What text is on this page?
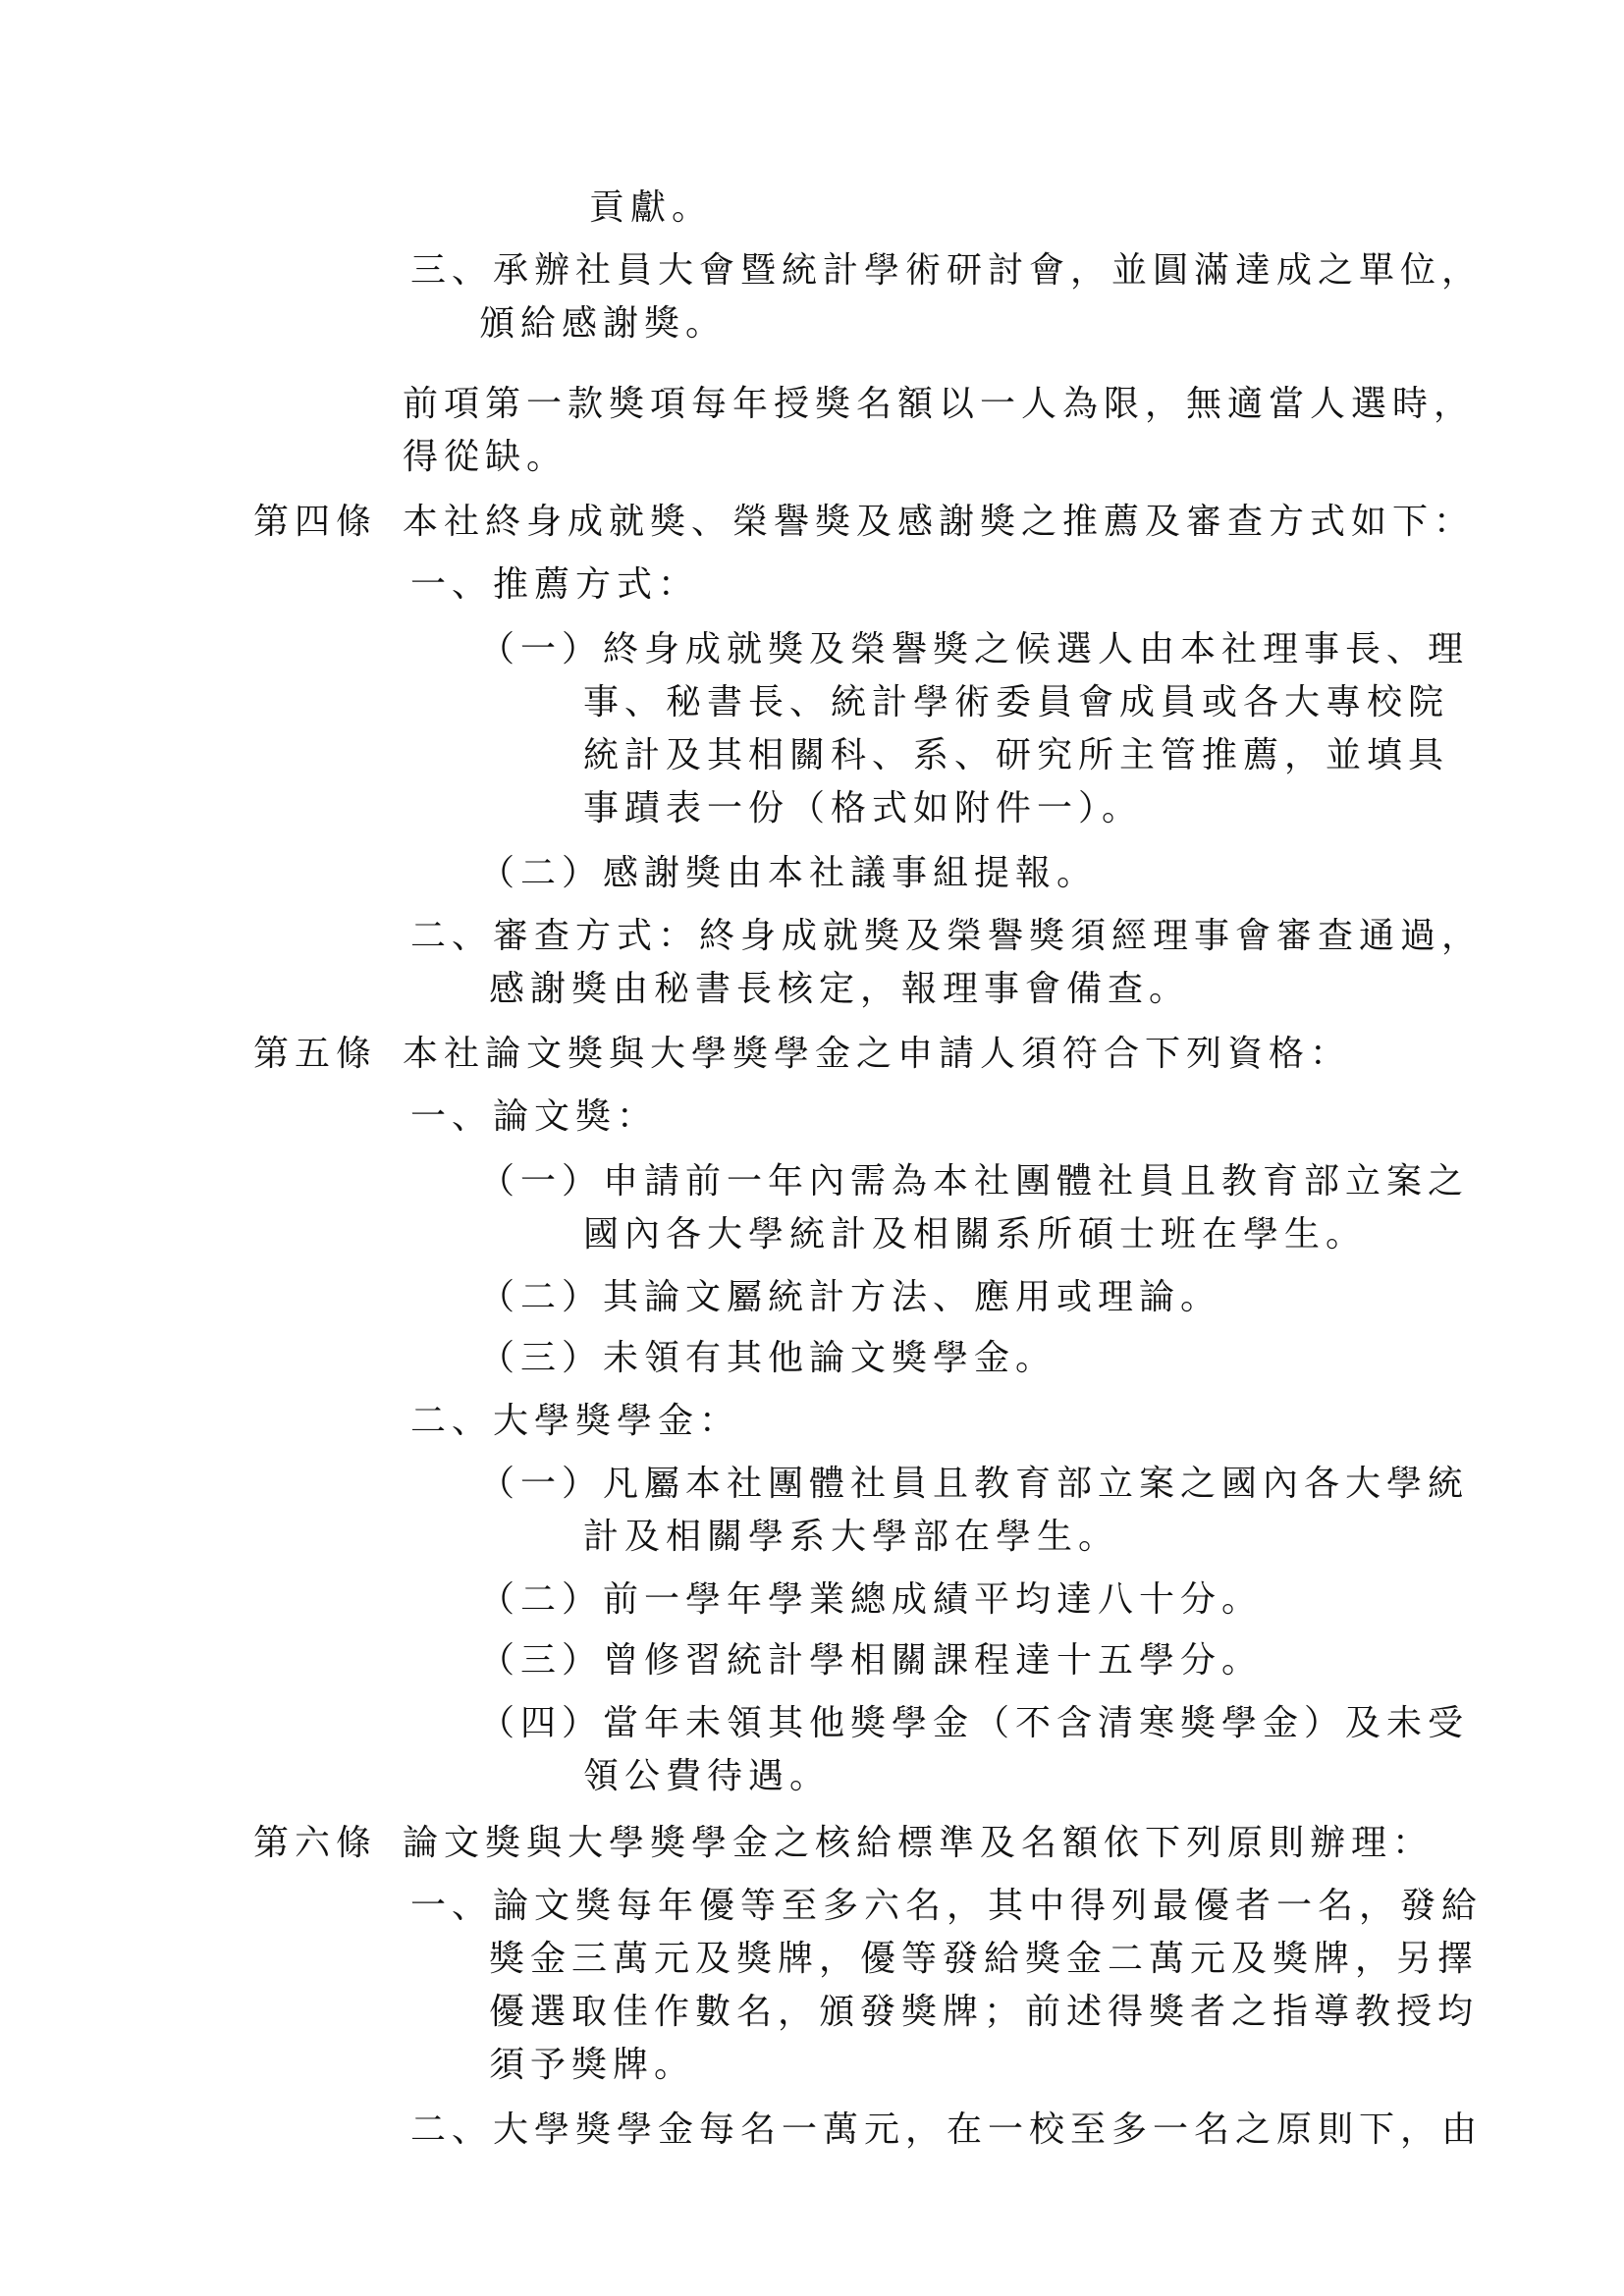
貢獻。
三、承辦社員大會暨統計學術研討會，並圓滿達成之單位，
頒給感謝獎。
前項第一款獎項每年授獎名額以一人為限，無適當人選時，
得從缺。
第四條 本社終身成就獎、榮譽獎及感謝獎之推薦及審查方式如下：
一、推薦方式：
（一）終身成就獎及榮譽獎之候選人由本社理事長、理
事、秘書長、統計學術委員會成員或各大專校院
統計及其相關科、系、研究所主管推薦，並填具
事蹟表一份（格式如附件一）。
（二）感謝獎由本社議事組提報。
二、審查方式：終身成就獎及榮譽獎須經理事會審查通過，
感謝獎由秘書長核定，報理事會備查。
第五條 本社論文獎與大學獎學金之申請人須符合下列資格：
一、論文獎：
（一）申請前一年內需為本社團體社員且教育部立案之
國內各大學統計及相關系所碩士班在學生。
（二）其論文屬統計方法、應用或理論。
（三）未領有其他論文獎學金。
二、大學獎學金：
（一）凡屬本社團體社員且教育部立案之國內各大學統
計及相關學系大學部在學生。
（二）前一學年學業總成績平均達八十分。
（三）曾修習統計學相關課程達十五學分。
（四）當年未領其他獎學金（不含清寒獎學金）及未受
領公費待遇。
第六條 論文獎與大學獎學金之核給標準及名額依下列原則辦理：
一、論文獎每年優等至多六名，其中得列最優者一名，發給
獎金三萬元及獎牌，優等發給獎金二萬元及獎牌，另擇
優選取佳作數名，頒發獎牌；前述得獎者之指導教授均
須予獎牌。
二、大學獎學金每名一萬元，在一校至多一名之原則下，由
